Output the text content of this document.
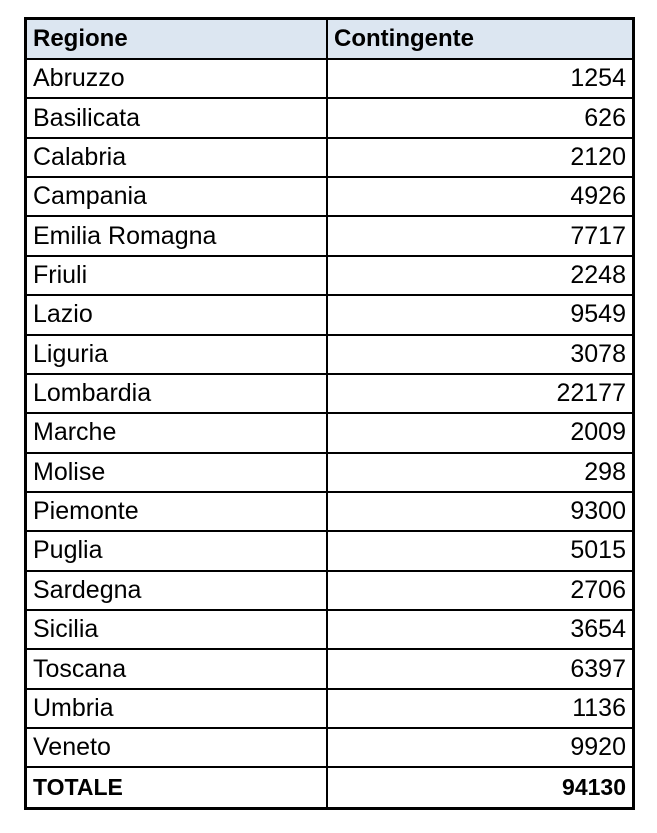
Regione	Contingente
Abruzzo	1254
Basilicata	626
Calabria	2120
Campania	4926
Emilia Romagna	7717
Friuli	2248
Lazio	9549
Liguria	3078
Lombardia	22177
Marche	2009
Molise	298
Piemonte	9300
Puglia	5015
Sardegna	2706
Sicilia	3654
Toscana	6397
Umbria	1136
Veneto	9920
TOTALE	94130
